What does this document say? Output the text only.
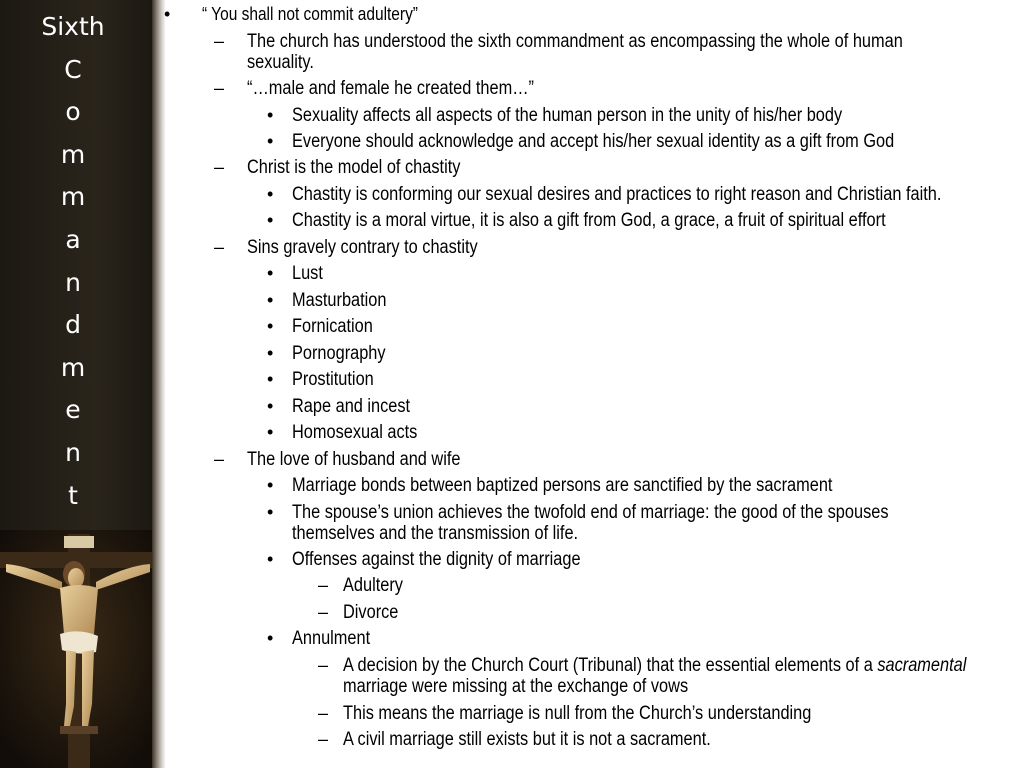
Sixth
C
o
m
m
a
n
d
m
e
n
t
• “ You shall not commit adultery”
– The church has understood the sixth commandment as encompassing the whole of human
sexuality.
– “…male and female he created them…”
• Sexuality affects all aspects of the human person in the unity of his/her body
• Everyone should acknowledge and accept his/her sexual identity as a gift from God
– Christ is the model of chastity
• Chastity is conforming our sexual desires and practices to right reason and Christian faith.
• Chastity is a moral virtue, it is also a gift from God, a grace, a fruit of spiritual effort
– Sins gravely contrary to chastity
• Lust
• Masturbation
• Fornication
• Pornography
• Prostitution
• Rape and incest
• Homosexual acts
– The love of husband and wife
• Marriage bonds between baptized persons are sanctified by the sacrament
• The spouse’s union achieves the twofold end of marriage: the good of the spouses
themselves and the transmission of life.
• Offenses against the dignity of marriage
– Adultery
– Divorce
• Annulment
– A decision by the Church Court (Tribunal) that the essential elements of a sacramental
marriage were missing at the exchange of vows
– This means the marriage is null from the Church’s understanding
– A civil marriage still exists but it is not a sacrament.
